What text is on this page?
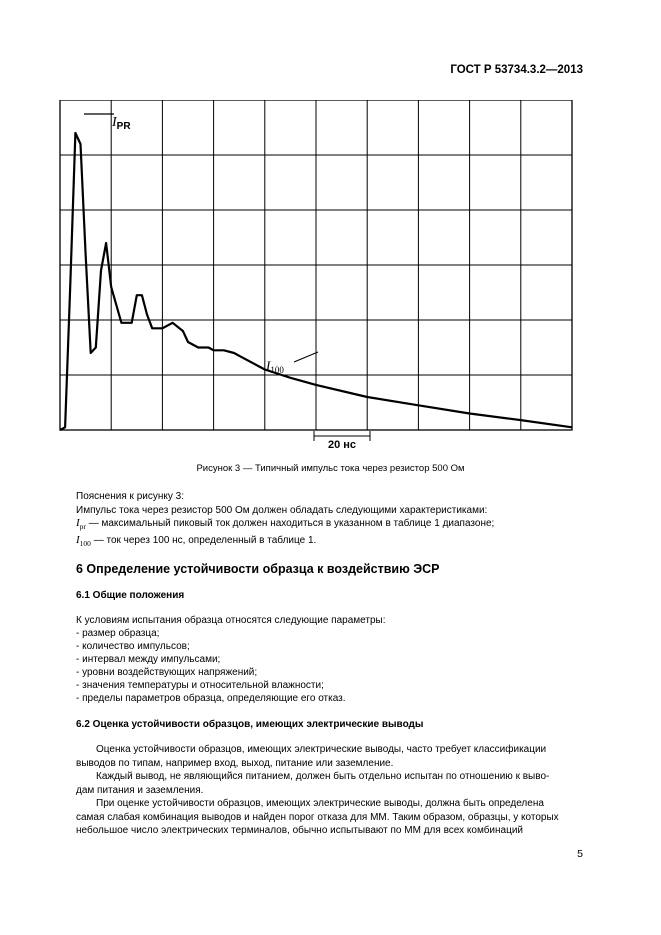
ГОСТ Р 53734.3.2—2013
$I_{PR}$
$I_{100}$
20 нс
Рисунок 3 — Типичный импульс тока через резистор 500 Ом
Пояснения к рисунку 3:
Импульс тока через резистор 500 Ом должен обладать следующими характеристиками:
$I_{pr}$ — максимальный пиковый ток должен находиться в указанном в таблице 1 диапазоне;
$I_{100}$ — ток через 100 нс, определенный в таблице 1.
6 Определение устойчивости образца к воздействию ЭСР
6.1 Общие положения
К условиям испытания образца относятся следующие параметры:
- размер образца;
- количество импульсов;
- интервал между импульсами;
- уровни воздействующих напряжений;
- значения температуры и относительной влажности;
- пределы параметров образца, определяющие его отказ.
6.2 Оценка устойчивости образцов, имеющих электрические выводы

Оценка устойчивости образцов, имеющих электрические выводы, часто требует классификации
выводов по типам, например вход, выход, питание или заземление.

Каждый вывод, не являющийся питанием, должен быть отдельно испытан по отношению к выво-
дам питания и заземления.

При оценке устойчивости образцов, имеющих электрические выводы, должна быть определена
самая слабая комбинация выводов и найден порог отказа для ММ. Таким образом, образцы, у которых
небольшое число электрических терминалов, обычно испытывают по ММ для всех комбинаций

5
